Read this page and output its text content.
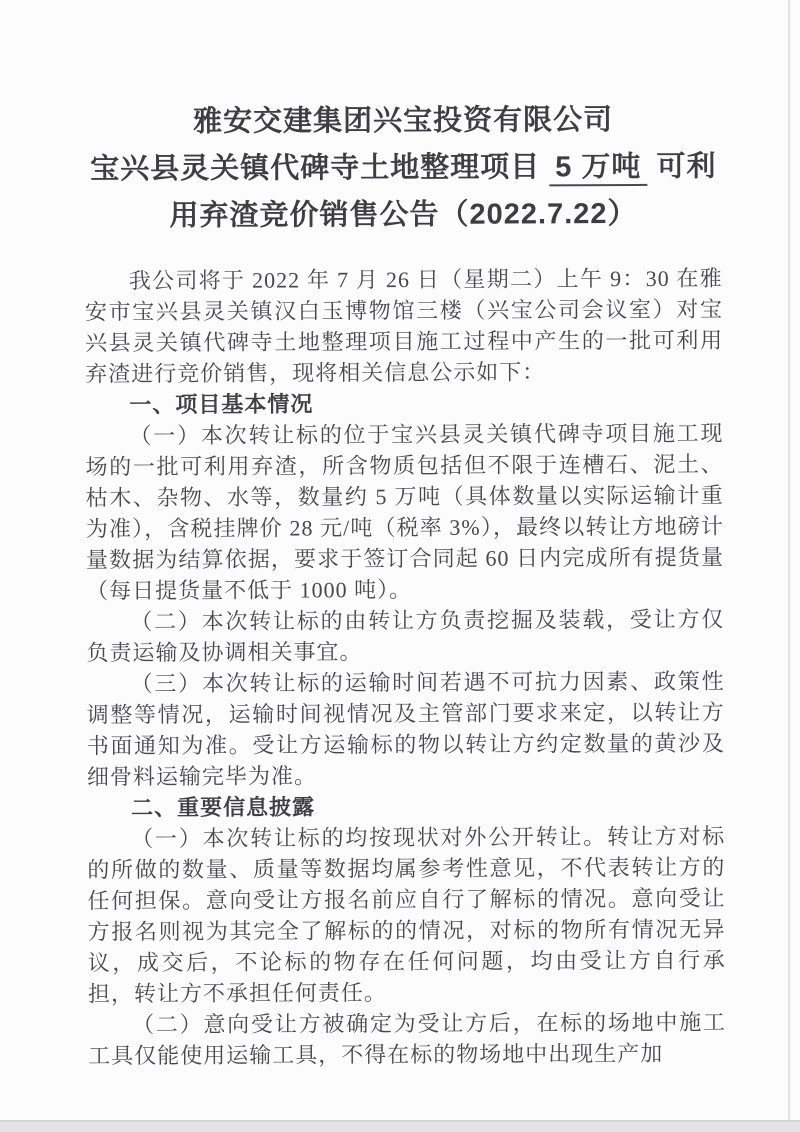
雅安交建集团兴宝投资有限公司
宝兴县灵关镇代碑寺土地整理项目 5 万吨 可利
用弃渣竞价销售公告（2022.7.22）

我公司将于 2022 年 7 月 26 日（星期二）上午 9：30 在雅安市宝兴县灵关镇汉白玉博物馆三楼（兴宝公司会议室）对宝兴县灵关镇代碑寺土地整理项目施工过程中产生的一批可利用弃渣进行竞价销售，现将相关信息公示如下：

一、项目基本情况

（一）本次转让标的位于宝兴县灵关镇代碑寺项目施工现场的一批可利用弃渣，所含物质包括但不限于连槽石、泥土、枯木、杂物、水等，数量约 5 万吨（具体数量以实际运输计重为准），含税挂牌价 28 元/吨（税率 3%），最终以转让方地磅计量数据为结算依据，要求于签订合同起 60 日内完成所有提货量（每日提货量不低于 1000 吨）。

（二）本次转让标的由转让方负责挖掘及装载，受让方仅负责运输及协调相关事宜。

（三）本次转让标的运输时间若遇不可抗力因素、政策性调整等情况，运输时间视情况及主管部门要求来定，以转让方书面通知为准。受让方运输标的物以转让方约定数量的黄沙及细骨料运输完毕为准。

二、重要信息披露

（一）本次转让标的均按现状对外公开转让。转让方对标的所做的数量、质量等数据均属参考性意见，不代表转让方的任何担保。意向受让方报名前应自行了解标的情况。意向受让方报名则视为其完全了解标的的情况，对标的物所有情况无异议，成交后，不论标的物存在任何问题，均由受让方自行承担，转让方不承担任何责任。

（二）意向受让方被确定为受让方后，在标的场地中施工工具仅能使用运输工具，不得在标的物场地中出现生产加
